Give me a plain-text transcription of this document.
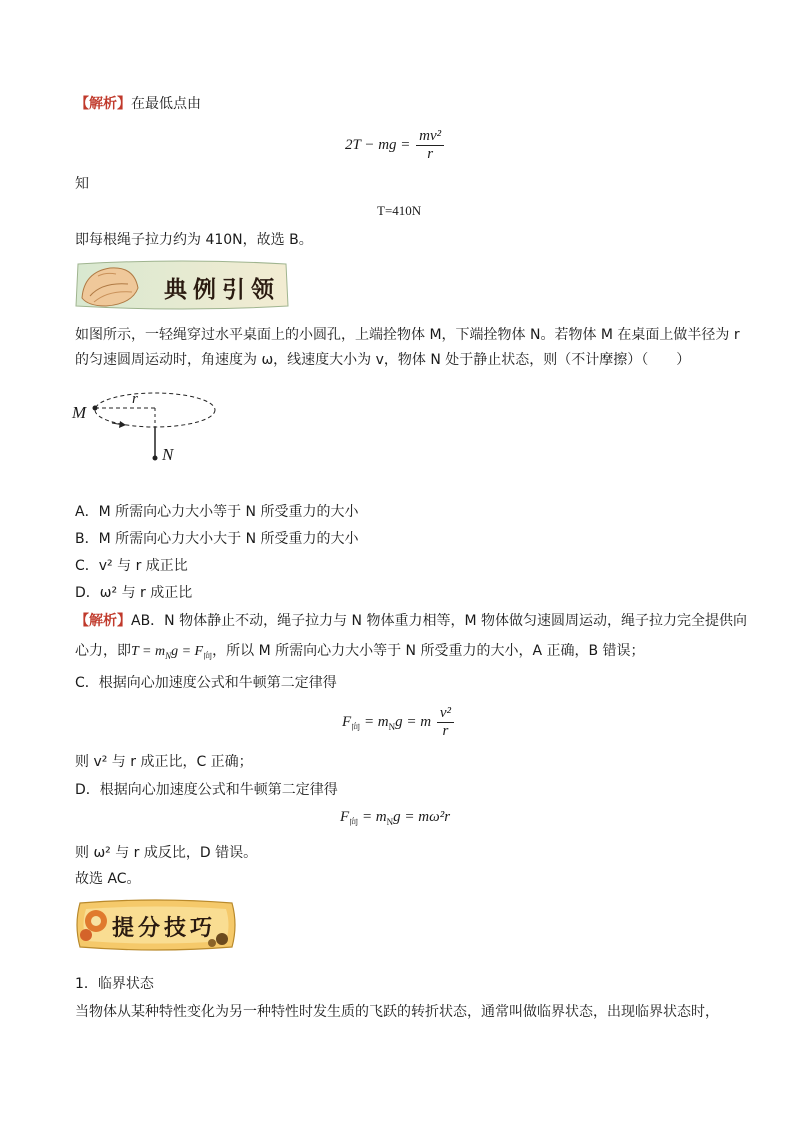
【解析】在最低点由
2T − mg = $\frac{\text{mv²}}{r}$
知
T=410N
即每根绳子拉力约为 410N，故选 B。
典例引领
如图所示，一轻绳穿过水平桌面上的小圆孔，上端拴物体 M，下端拴物体 N。若物体 M 在桌面上做半径为 r
的匀速圆周运动时，角速度为 ω，线速度大小为 v，物体 N 处于静止状态，则（不计摩擦）（　　）
M
r
N
A．M 所需向心力大小等于 N 所受重力的大小
B．M 所需向心力大小大于 N 所受重力的大小
C．v² 与 r 成正比
D．ω² 与 r 成正比
【解析】AB．N 物体静止不动，绳子拉力与 N 物体重力相等，M 物体做匀速圆周运动，绳子拉力完全提供向
心力，即$T = m_Ng = F_向$，所以 M 所需向心力大小等于 N 所受重力的大小，A 正确，B 错误；
C．根据向心加速度公式和牛顿第二定律得
$F_向 = m_Ng = m \frac{\text{v²}}{r}$
则 v² 与 r 成正比，C 正确；
D．根据向心加速度公式和牛顿第二定律得
$F_向 = m_Ng = m\omega^2r$
则 ω² 与 r 成反比，D 错误。
故选 AC。
提分技巧
1．临界状态
当物体从某种特性变化为另一种特性时发生质的飞跃的转折状态，通常叫做临界状态，出现临界状态时，
